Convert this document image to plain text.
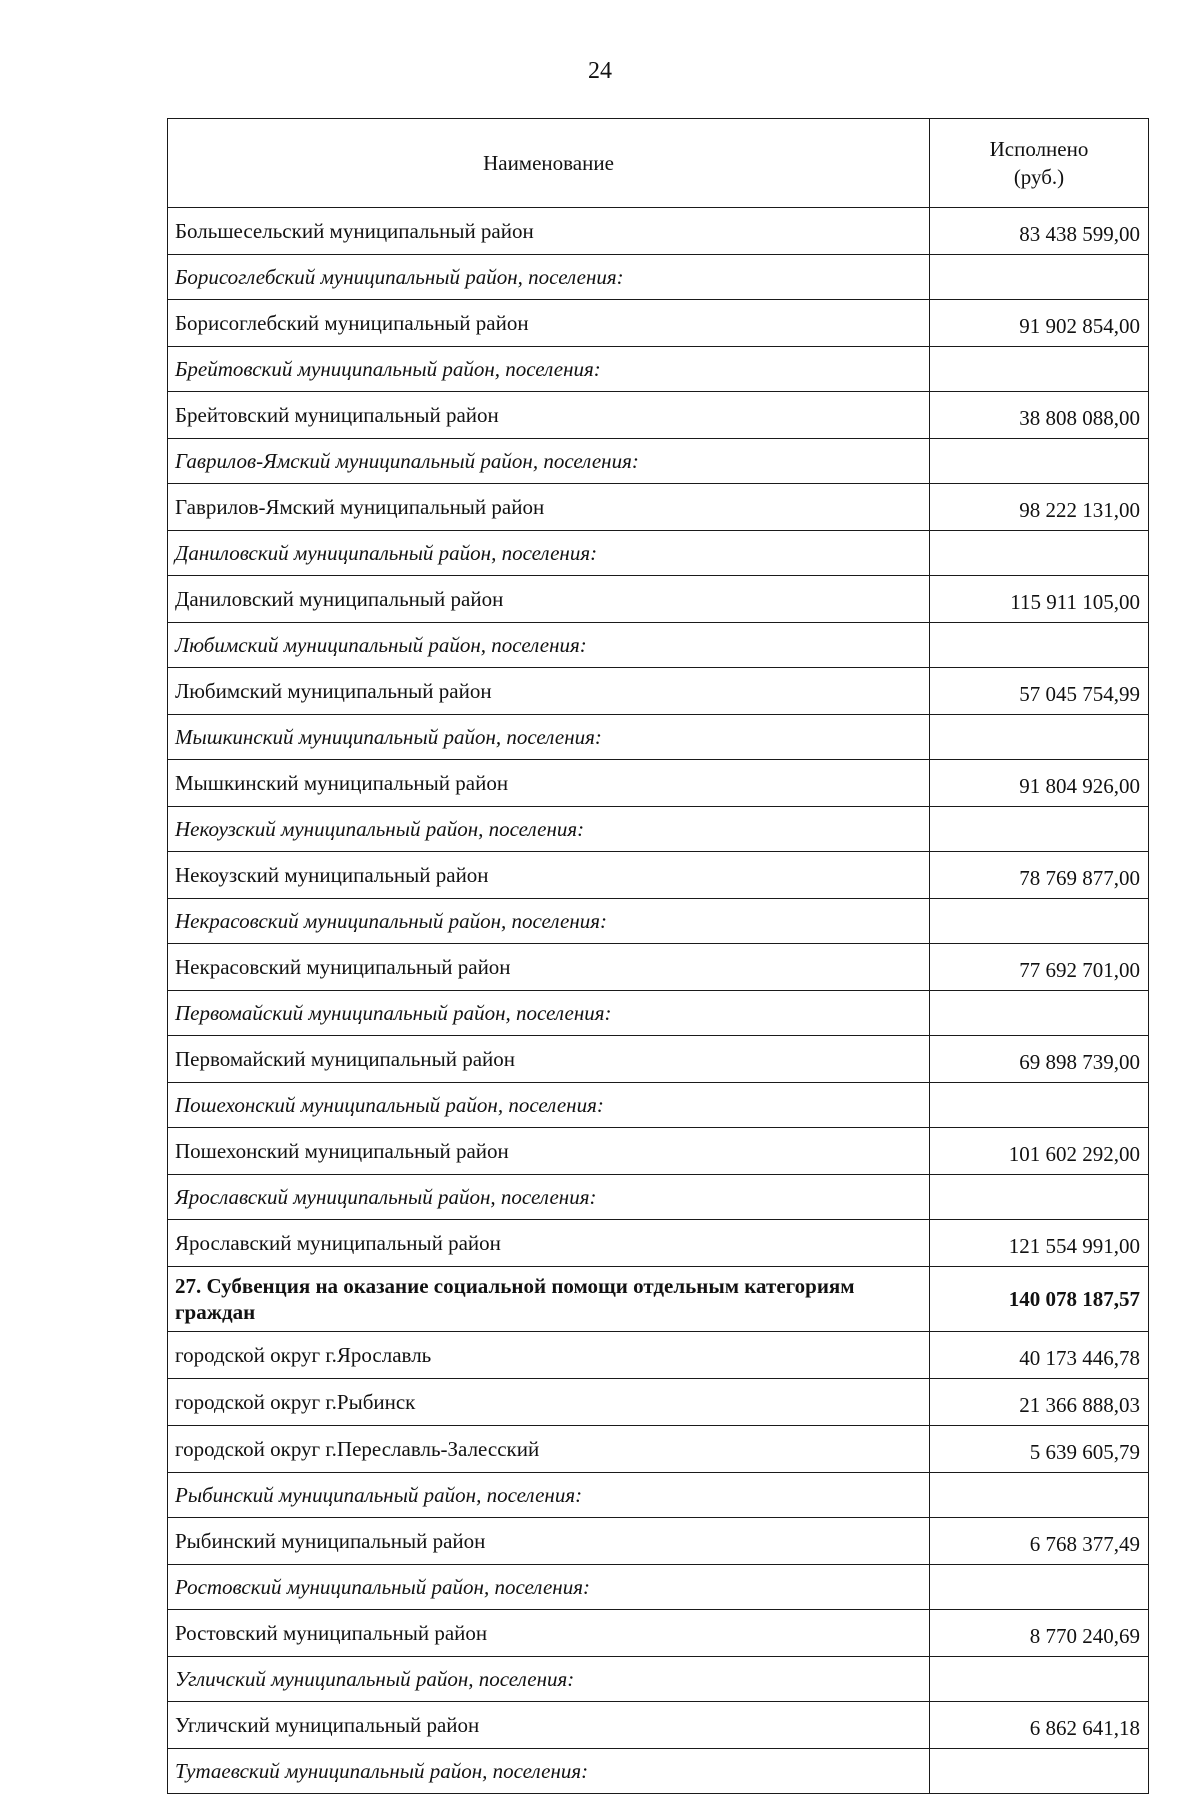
24
Наименование	Исполнено
(руб.)
Большесельский муниципальный район	83 438 599,00
Борисоглебский муниципальный район, поселения:	
Борисоглебский муниципальный район	91 902 854,00
Брейтовский муниципальный район, поселения:	
Брейтовский муниципальный район	38 808 088,00
Гаврилов-Ямский муниципальный район, поселения:	
Гаврилов-Ямский муниципальный район	98 222 131,00
Даниловский муниципальный район, поселения:	
Даниловский муниципальный район	115 911 105,00
Любимский муниципальный район, поселения:	
Любимский муниципальный район	57 045 754,99
Мышкинский муниципальный район, поселения:	
Мышкинский муниципальный район	91 804 926,00
Некоузский муниципальный район, поселения:	
Некоузский муниципальный район	78 769 877,00
Некрасовский муниципальный район, поселения:	
Некрасовский муниципальный район	77 692 701,00
Первомайский муниципальный район, поселения:	
Первомайский муниципальный район	69 898 739,00
Пошехонский муниципальный район, поселения:	
Пошехонский муниципальный район	101 602 292,00
Ярославский муниципальный район, поселения:	
Ярославский муниципальный район	121 554 991,00
27. Субвенция на оказание социальной помощи отдельным категориям граждан	140 078 187,57
городской округ г.Ярославль	40 173 446,78
городской округ г.Рыбинск	21 366 888,03
городской округ г.Переславль-Залесский	5 639 605,79
Рыбинский муниципальный район, поселения:	
Рыбинский муниципальный район	6 768 377,49
Ростовский муниципальный район, поселения:	
Ростовский муниципальный район	8 770 240,69
Угличский муниципальный район, поселения:	
Угличский муниципальный район	6 862 641,18
Тутаевский муниципальный район, поселения:	
